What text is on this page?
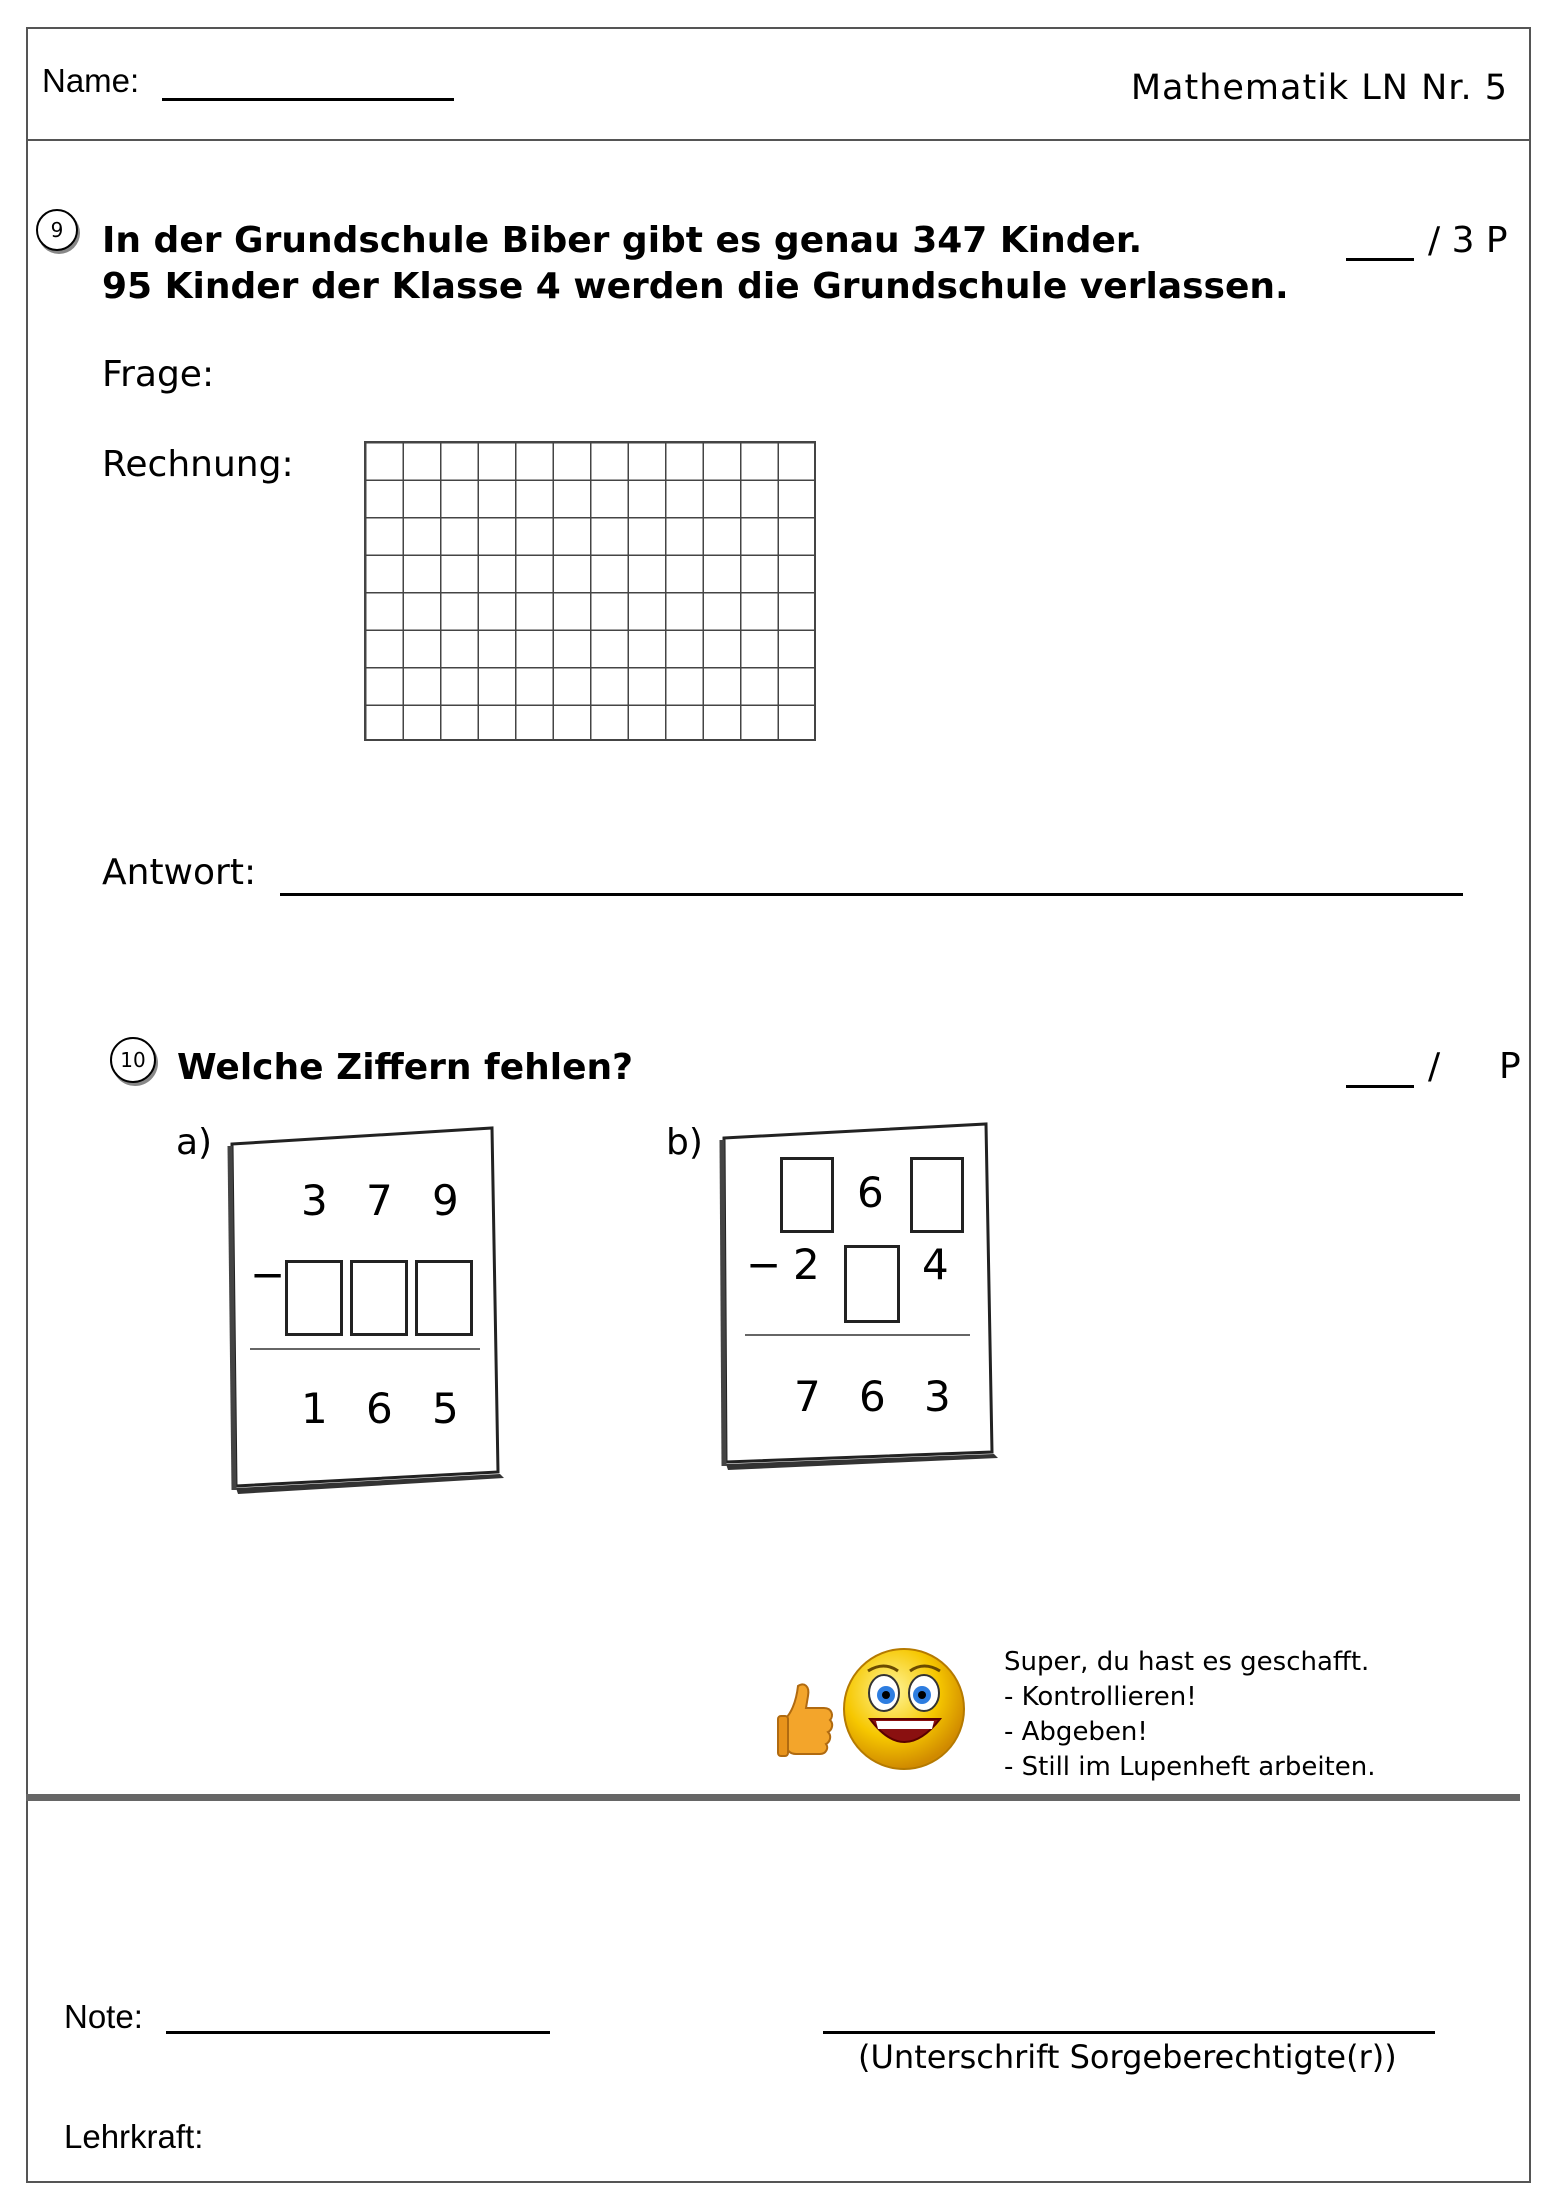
Name:	Mathematik LN Nr. 5
9	In der Grundschule Biber gibt es genau 347 Kinder.
95 Kinder der Klasse 4 werden die Grundschule verlassen.
/ 3 P
Frage:
Rechnung:
Antwort:
10 Welche Ziffern fehlen?	/ P
a)
3 7 9
−
1 6 5
b)
6
− 2 4
7 6 3
Super, du hast es geschafft.
- Kontrollieren!
- Abgeben!
- Still im Lupenheft arbeiten.
Note:
(Unterschrift Sorgeberechtigte(r))
Lehrkraft:
